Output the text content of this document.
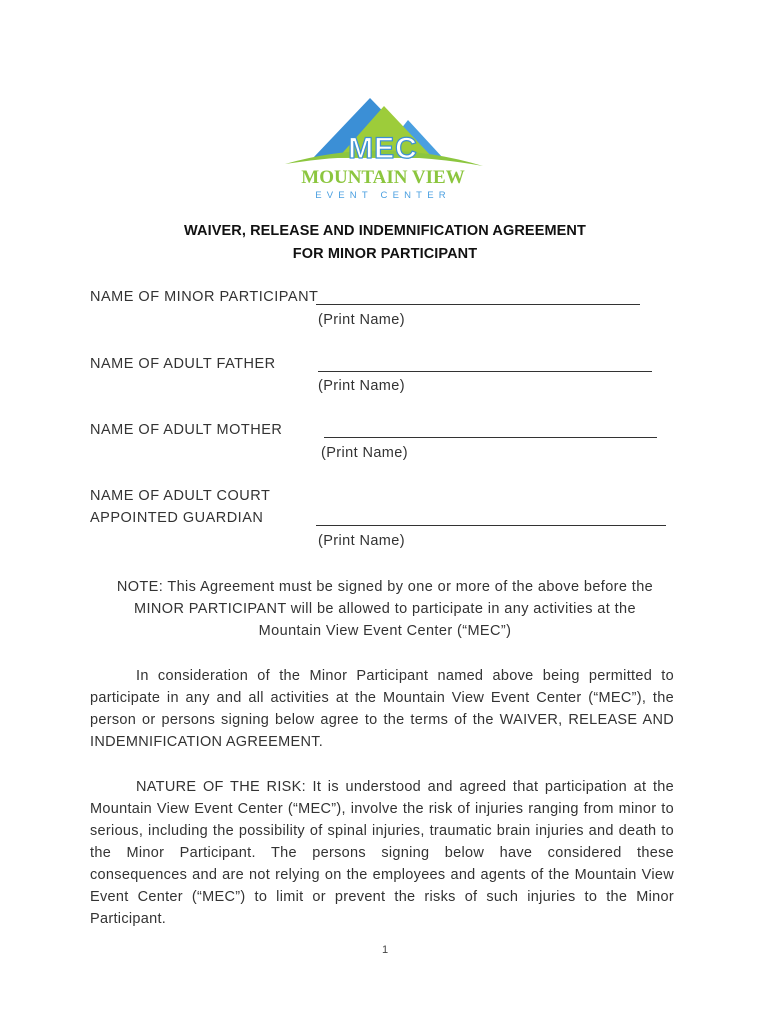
MEC
MOUNTAIN VIEW
EVENT CENTER
WAIVER, RELEASE AND INDEMNIFICATION AGREEMENT
FOR MINOR PARTICIPANT
NAME OF MINOR PARTICIPANT
(Print Name)
NAME OF ADULT FATHER
(Print Name)
NAME OF ADULT MOTHER
(Print Name)
NAME OF ADULT COURT
APPOINTED GUARDIAN
(Print Name)
NOTE: This Agreement must be signed by one or more of the above before the
MINOR PARTICIPANT will be allowed to participate in any activities at the
Mountain View Event Center (“MEC”)
In consideration of the Minor Participant named above being permitted to participate in any and all activities at the Mountain View Event Center (“MEC”), the person or persons signing below agree to the terms of the WAIVER, RELEASE AND INDEMNIFICATION AGREEMENT.
NATURE OF THE RISK: It is understood and agreed that participation at the Mountain View Event Center (“MEC”), involve the risk of injuries ranging from minor to serious, including the possibility of spinal injuries, traumatic brain injuries and death to the Minor Participant. The persons signing below have considered these consequences and are not relying on the employees and agents of the Mountain View Event Center (“MEC”) to limit or prevent the risks of such injuries to the Minor Participant.
1
